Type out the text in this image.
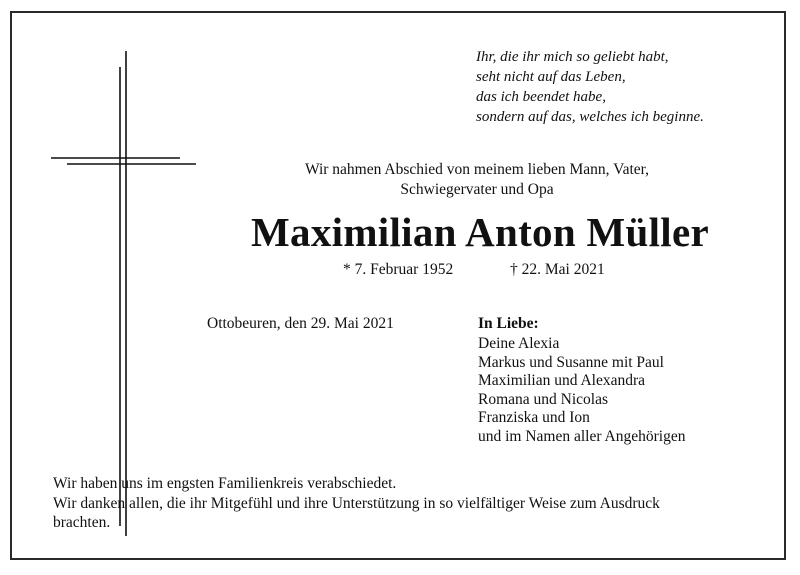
Ihr, die ihr mich so geliebt habt,
seht nicht auf das Leben,
das ich beendet habe,
sondern auf das, welches ich beginne.
Wir nahmen Abschied von meinem lieben Mann, Vater,
Schwiegervater und Opa
Maximilian Anton Müller
* 7. Februar 1952	† 22. Mai 2021
Ottobeuren, den 29. Mai 2021	In Liebe:
Deine Alexia
Markus und Susanne mit Paul
Maximilian und Alexandra
Romana und Nicolas
Franziska und Ion
und im Namen aller Angehörigen
Wir haben uns im engsten Familienkreis verabschiedet.
Wir danken allen, die ihr Mitgefühl und ihre Unterstützung in so vielfältiger Weise zum Ausdruck
brachten.
